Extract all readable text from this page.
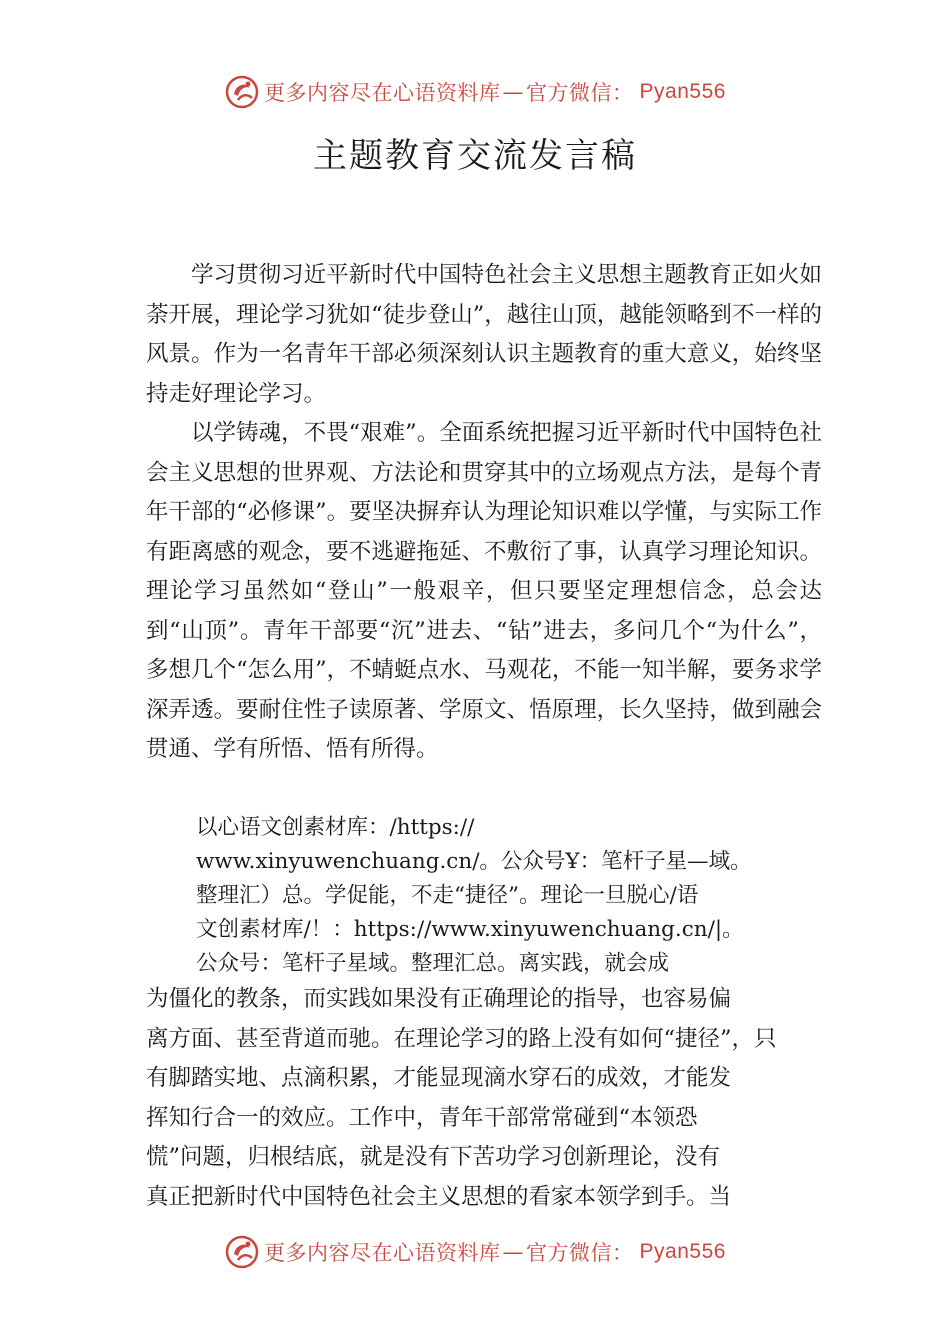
更多内容尽在心语资料库 — 官方微信： Pyan556
主题教育交流发言稿

学习贯彻习近平新时代中国特色社会主义思想主题教育正如火如荼开展，理论学习犹如“徒步登山”，越往山顶，越能领略到不一样的风景。作为一名青年干部必须深刻认识主题教育的重大意义，始终坚持走好理论学习。

以学铸魂，不畏“艰难”。全面系统把握习近平新时代中国特色社会主义思想的世界观、方法论和贯穿其中的立场观点方法，是每个青年干部的“必修课”。要坚决摒弃认为理论知识难以学懂，与实际工作有距离感的观念，要不逃避拖延、不敷衍了事，认真学习理论知识。理论学习虽然如“登山”一般艰辛，但只要坚定理想信念，总会达到“山顶”。青年干部要“沉”进去、“钻”进去，多问几个“为什么”，多想几个“怎么用”，不蜻蜓点水、马观花，不能一知半解，要务求学深弄透。要耐住性子读原著、学原文、悟原理，长久坚持，做到融会贯通、学有所悟、悟有所得。

以心语文创素材库：/https://
www.xinyuwenchuang.cn/。公众号Ұ：笔杆子星—域。
整理汇）总。学促能，不走“捷径”。理论一旦脱心/语
文创素材库/！：https://www.xinyuwenchuang.cn/|。
公众号：笔杆子星域。整理汇总。离实践，就会成
为僵化的教条，而实践如果没有正确理论的指导，也容易偏
离方面、甚至背道而驰。在理论学习的路上没有如何“捷径”，只
有脚踏实地、点滴积累，才能显现滴水穿石的成效，才能发
挥知行合一的效应。工作中，青年干部常常碰到“本领恐
慌”问题，归根结底，就是没有下苦功学习创新理论，没有
真正把新时代中国特色社会主义思想的看家本领学到手。当
更多内容尽在心语资料库 — 官方微信： Pyan556
